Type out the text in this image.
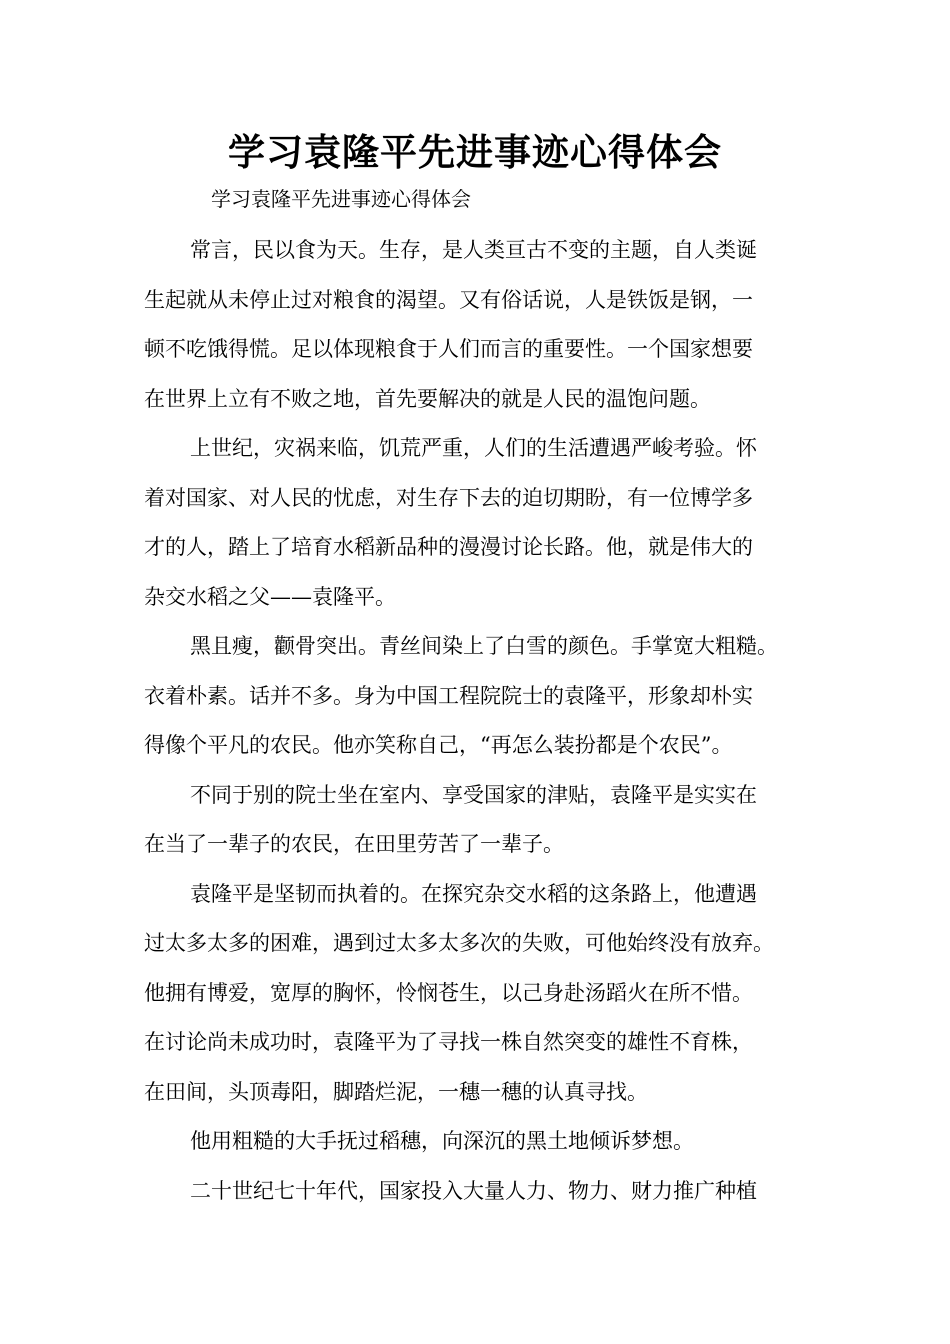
学习袁隆平先进事迹心得体会

学习袁隆平先进事迹心得体会

常言，民以食为天。生存，是人类亘古不变的主题，自人类诞

生起就从未停止过对粮食的渴望。又有俗话说，人是铁饭是钢，一

顿不吃饿得慌。足以体现粮食于人们而言的重要性。一个国家想要

在世界上立有不败之地，首先要解决的就是人民的温饱问题。

上世纪，灾祸来临，饥荒严重，人们的生活遭遇严峻考验。怀

着对国家、对人民的忧虑，对生存下去的迫切期盼，有一位博学多

才的人，踏上了培育水稻新品种的漫漫讨论长路。他，就是伟大的

杂交水稻之父——袁隆平。

黑且瘦，颧骨突出。青丝间染上了白雪的颜色。手掌宽大粗糙。

衣着朴素。话并不多。身为中国工程院院士的袁隆平，形象却朴实

得像个平凡的农民。他亦笑称自己，“再怎么装扮都是个农民”。

不同于别的院士坐在室内、享受国家的津贴，袁隆平是实实在

在当了一辈子的农民，在田里劳苦了一辈子。

袁隆平是坚韧而执着的。在探究杂交水稻的这条路上，他遭遇

过太多太多的困难，遇到过太多太多次的失败，可他始终没有放弃。

他拥有博爱，宽厚的胸怀，怜悯苍生，以己身赴汤蹈火在所不惜。

在讨论尚未成功时，袁隆平为了寻找一株自然突变的雄性不育株，

在田间，头顶毒阳，脚踏烂泥，一穗一穗的认真寻找。

他用粗糙的大手抚过稻穗，向深沉的黑土地倾诉梦想。

二十世纪七十年代，国家投入大量人力、物力、财力推广种植
